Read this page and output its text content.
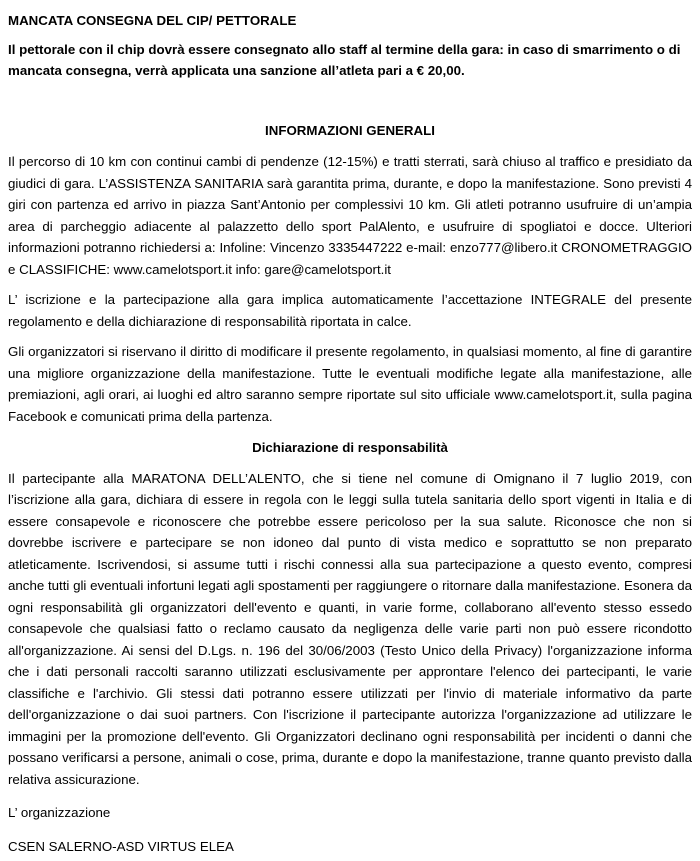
MANCATA CONSEGNA DEL CIP/ PETTORALE

Il pettorale con il chip dovrà essere consegnato allo staff al termine della gara: in caso di smarrimento o di mancata consegna, verrà applicata una sanzione all’atleta pari a € 20,00.

INFORMAZIONI GENERALI

Il percorso di 10 km con continui cambi di pendenze (12-15%) e tratti sterrati, sarà chiuso al traffico e presidiato da giudici di gara. L’ASSISTENZA SANITARIA sarà garantita prima, durante, e dopo la manifestazione. Sono previsti 4 giri con partenza ed arrivo in piazza Sant’Antonio per complessivi 10 km. Gli atleti potranno usufruire di un’ampia area di parcheggio adiacente al palazzetto dello sport PalAlento, e usufruire di spogliatoi e docce. Ulteriori informazioni potranno richiedersi a: Infoline: Vincenzo 3335447222 e-mail: enzo777@libero.it CRONOMETRAGGIO e CLASSIFICHE: www.camelotsport.it info: gare@camelotsport.it

L’ iscrizione e la partecipazione alla gara implica automaticamente l’accettazione INTEGRALE del presente regolamento e della dichiarazione di responsabilità riportata in calce.

Gli organizzatori si riservano il diritto di modificare il presente regolamento, in qualsiasi momento, al fine di garantire una migliore organizzazione della manifestazione. Tutte le eventuali modifiche legate alla manifestazione, alle premiazioni, agli orari, ai luoghi ed altro saranno sempre riportate sul sito ufficiale www.camelotsport.it, sulla pagina Facebook e comunicati prima della partenza.

Dichiarazione di responsabilità

Il partecipante alla MARATONA DELL’ALENTO, che si tiene nel comune di Omignano il 7 luglio 2019, con l’iscrizione alla gara, dichiara di essere in regola con le leggi sulla tutela sanitaria dello sport vigenti in Italia e di essere consapevole e riconoscere che potrebbe essere pericoloso per la sua salute. Riconosce che non si dovrebbe iscrivere e partecipare se non idoneo dal punto di vista medico e soprattutto se non preparato atleticamente. Iscrivendosi, si assume tutti i rischi connessi alla sua partecipazione a questo evento, compresi anche tutti gli eventuali infortuni legati agli spostamenti per raggiungere o ritornare dalla manifestazione. Esonera da ogni responsabilità gli organizzatori dell'evento e quanti, in varie forme, collaborano all'evento stesso essedo consapevole che qualsiasi fatto o reclamo causato da negligenza delle varie parti non può essere ricondotto all'organizzazione. Ai sensi del D.Lgs. n. 196 del 30/06/2003 (Testo Unico della Privacy) l'organizzazione informa che i dati personali raccolti saranno utilizzati esclusivamente per approntare l'elenco dei partecipanti, le varie classifiche e l'archivio. Gli stessi dati potranno essere utilizzati per l'invio di materiale informativo da parte dell'organizzazione o dai suoi partners. Con l'iscrizione il partecipante autorizza l'organizzazione ad utilizzare le immagini per la promozione dell'evento. Gli Organizzatori declinano ogni responsabilità per incidenti o danni che possano verificarsi a persone, animali o cose, prima, durante e dopo la manifestazione, tranne quanto previsto dalla relativa assicurazione.

L’ organizzazione

CSEN SALERNO-ASD VIRTUS ELEA
